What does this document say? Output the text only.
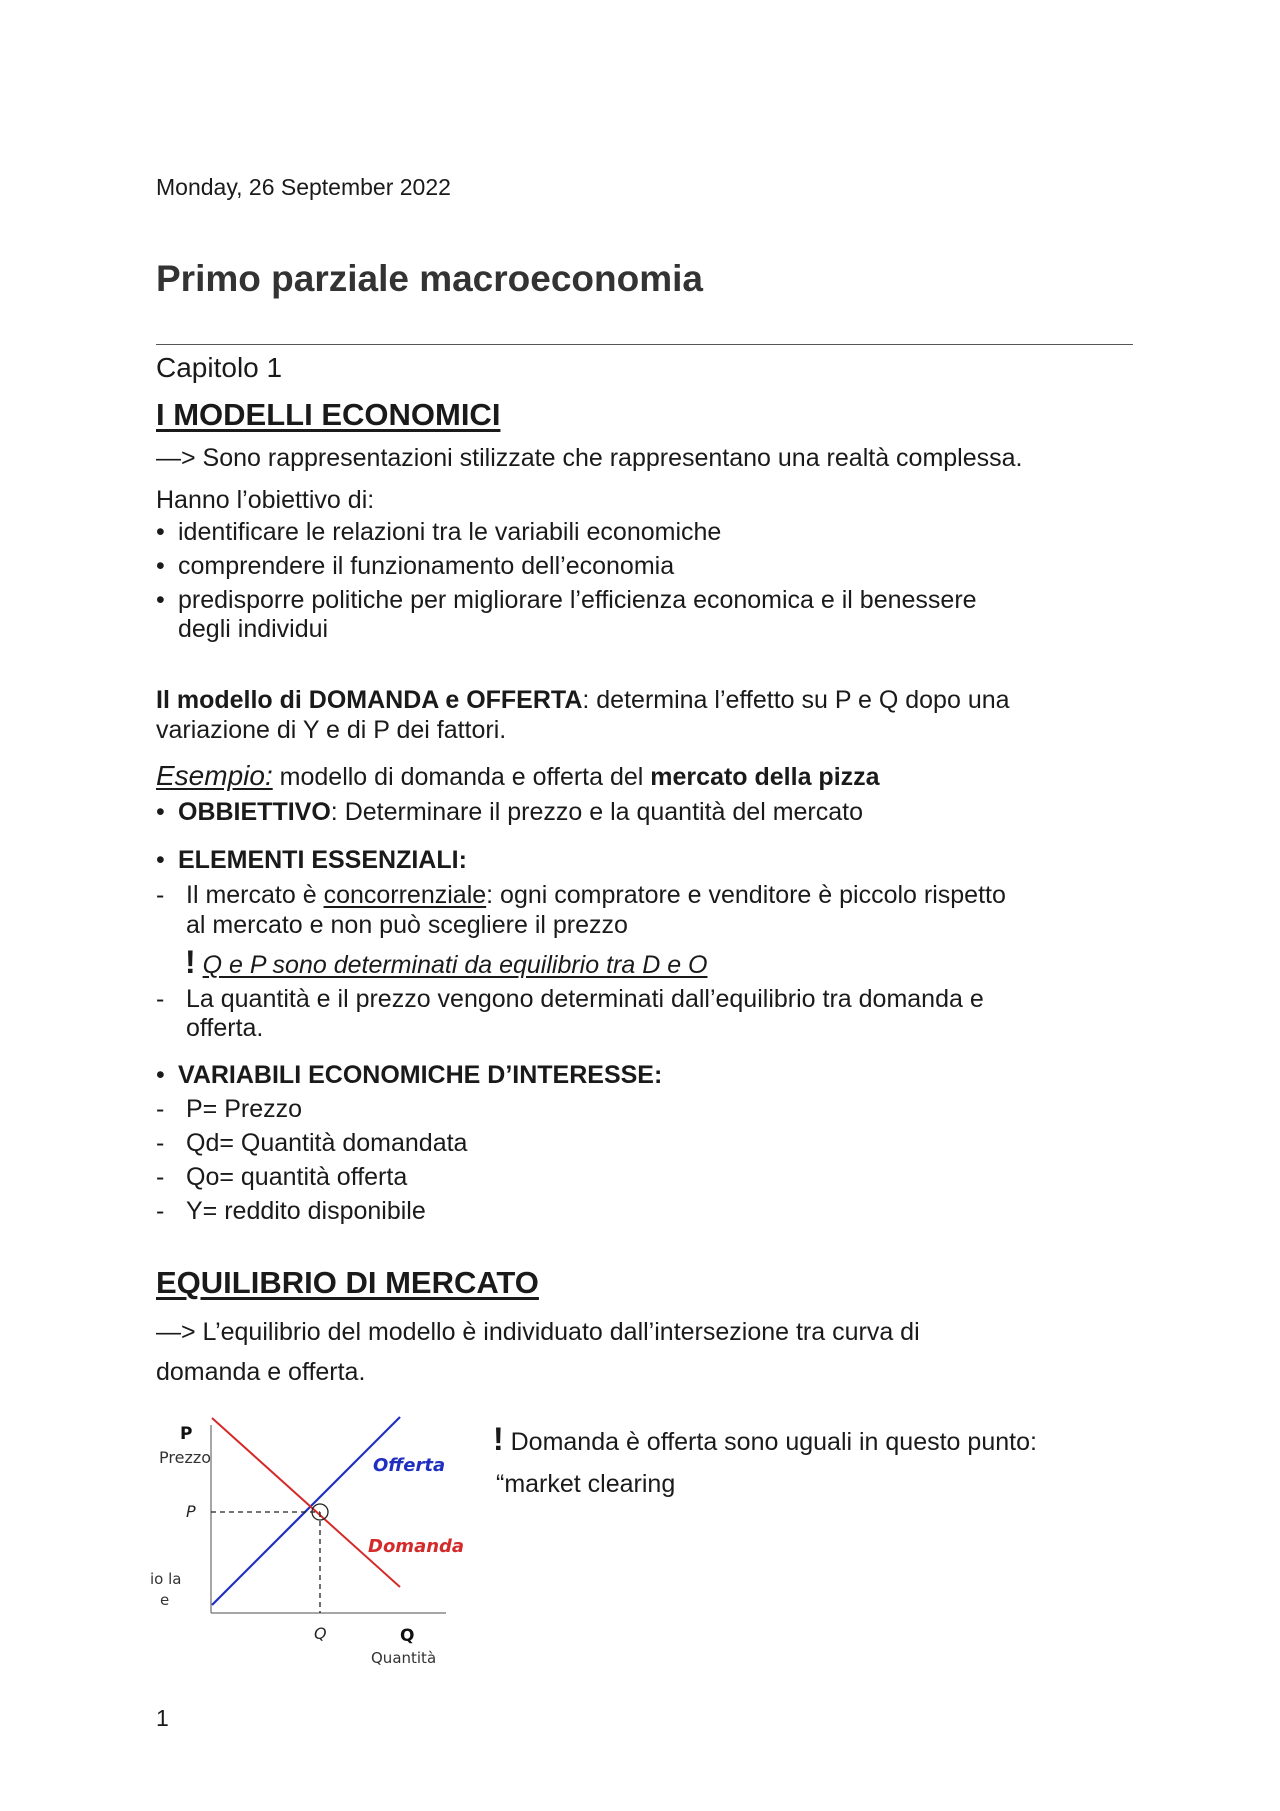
Monday, 26 September 2022
Primo parziale macroeconomia
Capitolo 1
I MODELLI ECONOMICI
—> Sono rappresentazioni stilizzate che rappresentano una realtà complessa.
Hanno l’obiettivo di:
• identificare le relazioni tra le variabili economiche
• comprendere il funzionamento dell’economia
• predisporre politiche per migliorare l’efficienza economica e il benessere
degli individui
Il modello di DOMANDA e OFFERTA: determina l’effetto su P e Q dopo una
variazione di Y e di P dei fattori.
Esempio: modello di domanda e offerta del mercato della pizza
• OBBIETTIVO: Determinare il prezzo e la quantità del mercato
• ELEMENTI ESSENZIALI:
- Il mercato è concorrenziale: ogni compratore e venditore è piccolo rispetto
al mercato e non può scegliere il prezzo
! Q e P sono determinati da equilibrio tra D e O
- La quantità e il prezzo vengono determinati dall’equilibrio tra domanda e
offerta.
• VARIABILI ECONOMICHE D’INTERESSE:
- P= Prezzo
- Qd= Quantità domandata
- Qo= quantità offerta
- Y= reddito disponibile
EQUILIBRIO DI MERCATO
—> L’equilibrio del modello è individuato dall’intersezione tra curva di
domanda e offerta.
! Domanda è offerta sono uguali in questo punto:
“market clearing
P
Prezzo
P
Q
Offerta
Domanda
Q
Quantità
io la
e
1
